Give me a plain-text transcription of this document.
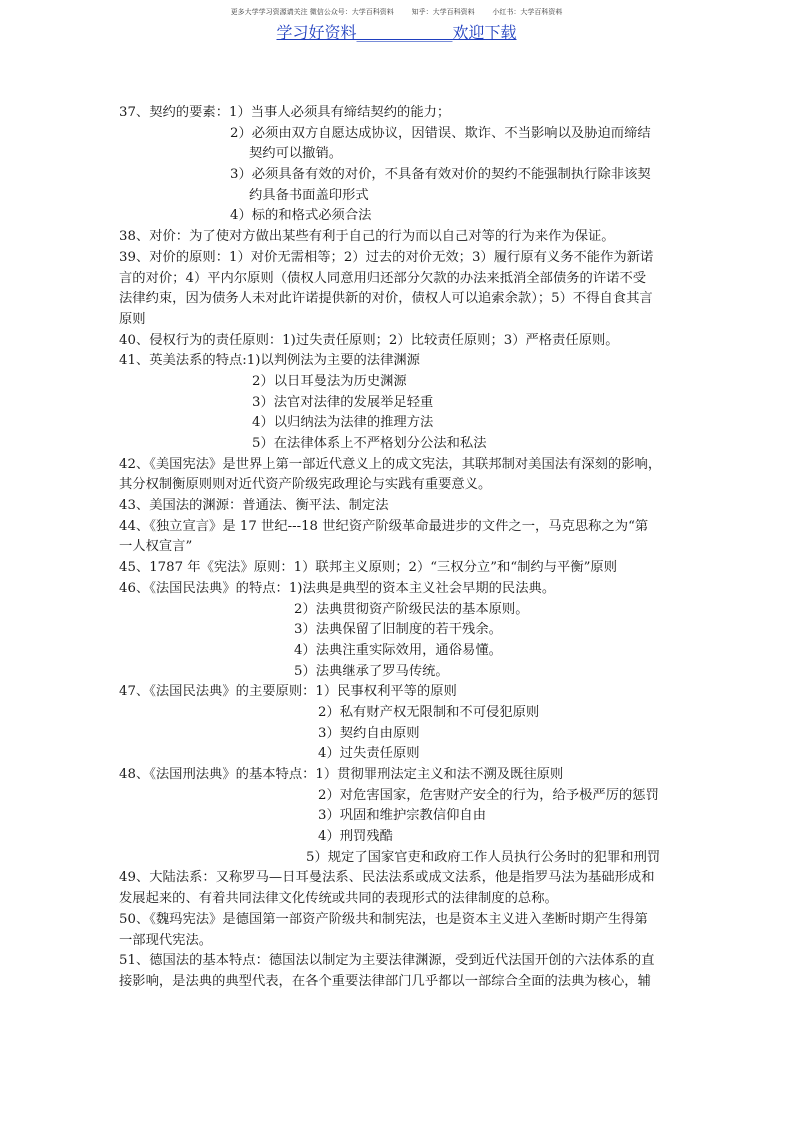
更多大学学习资源请关注 微信公众号：大学百科资料        知乎：大学百科资料        小红书：大学百科资料
学习好资料____________欢迎下载
37、契约的要素：1）当事人必须具有缔结契约的能力；
2）必须由双方自愿达成协议，因错误、欺诈、不当影响以及胁迫而缔结
契约可以撤销。
3）必须具备有效的对价，不具备有效对价的契约不能强制执行除非该契
约具备书面盖印形式
4）标的和格式必须合法
38、对价：为了使对方做出某些有利于自己的行为而以自己对等的行为来作为保证。
39、对价的原则：1）对价无需相等；2）过去的对价无效；3）履行原有义务不能作为新诺
言的对价；4）平内尔原则（债权人同意用归还部分欠款的办法来抵消全部债务的许诺不受
法律约束，因为债务人未对此许诺提供新的对价，债权人可以追索余款）；5）不得自食其言
原则
40、侵权行为的责任原则：1)过失责任原则；2）比较责任原则；3）严格责任原则。
41、英美法系的特点:1)以判例法为主要的法律渊源
2）以日耳曼法为历史渊源
3）法官对法律的发展举足轻重
4）以归纳法为法律的推理方法
5）在法律体系上不严格划分公法和私法
42、《美国宪法》是世界上第一部近代意义上的成文宪法，其联邦制对美国法有深刻的影响，
其分权制衡原则则对近代资产阶级宪政理论与实践有重要意义。
43、美国法的渊源：普通法、衡平法、制定法
44、《独立宣言》是 17 世纪---18 世纪资产阶级革命最进步的文件之一，马克思称之为“第
一人权宣言”
45、1787 年《宪法》原则：1）联邦主义原则；2）“三权分立”和“制约与平衡”原则
46、《法国民法典》的特点：1)法典是典型的资本主义社会早期的民法典。
2）法典贯彻资产阶级民法的基本原则。
3）法典保留了旧制度的若干残余。
4）法典注重实际效用，通俗易懂。
5）法典继承了罗马传统。
47、《法国民法典》的主要原则：1）民事权利平等的原则
2）私有财产权无限制和不可侵犯原则
3）契约自由原则
4）过失责任原则
48、《法国刑法典》的基本特点：1）贯彻罪刑法定主义和法不溯及既往原则
2）对危害国家，危害财产安全的行为，给予极严厉的惩罚
3）巩固和维护宗教信仰自由
4）刑罚残酷
5）规定了国家官吏和政府工作人员执行公务时的犯罪和刑罚
49、大陆法系：又称罗马—日耳曼法系、民法法系或成文法系，他是指罗马法为基础形成和
发展起来的、有着共同法律文化传统或共同的表现形式的法律制度的总称。
50、《魏玛宪法》是德国第一部资产阶级共和制宪法，也是资本主义进入垄断时期产生得第
一部现代宪法。
51、德国法的基本特点：德国法以制定为主要法律渊源，受到近代法国开创的六法体系的直
接影响，是法典的典型代表，在各个重要法律部门几乎都以一部综合全面的法典为核心，辅
